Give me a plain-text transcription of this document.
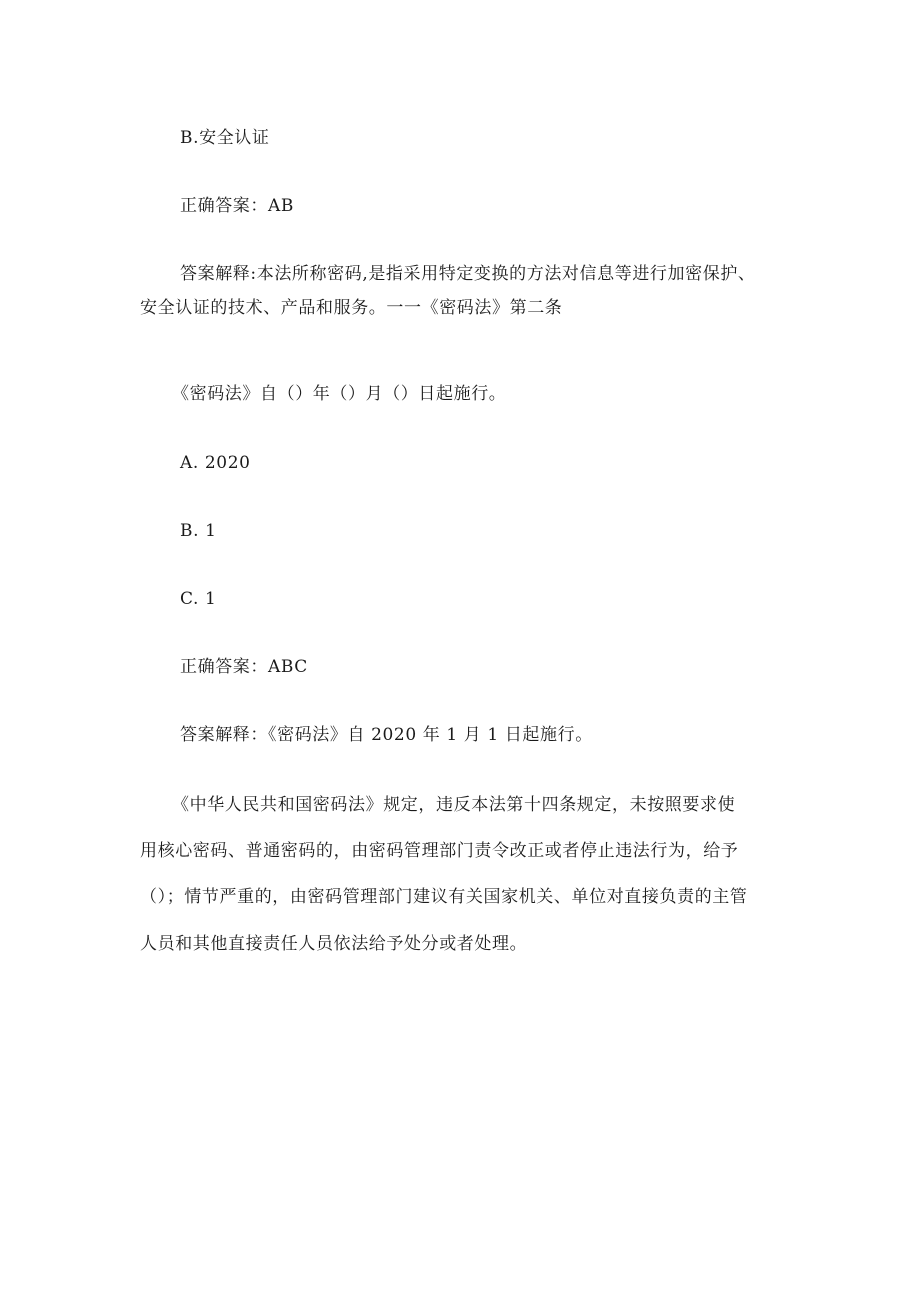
B.安全认证
正确答案：AB
答案解释:本法所称密码,是指采用特定变换的方法对信息等进行加密保护、
安全认证的技术、产品和服务。一一《密码法》第二条
《密码法》自（）年（）月（）日起施行。
A. 2020
B. 1
C. 1
正确答案：ABC
答案解释：《密码法》自 2020 年 1 月 1 日起施行。
《中华人民共和国密码法》规定，违反本法第十四条规定，未按照要求使
用核心密码、普通密码的，由密码管理部门责令改正或者停止违法行为，给予
（）；情节严重的，由密码管理部门建议有关国家机关、单位对直接负责的主管
人员和其他直接责任人员依法给予处分或者处理。
